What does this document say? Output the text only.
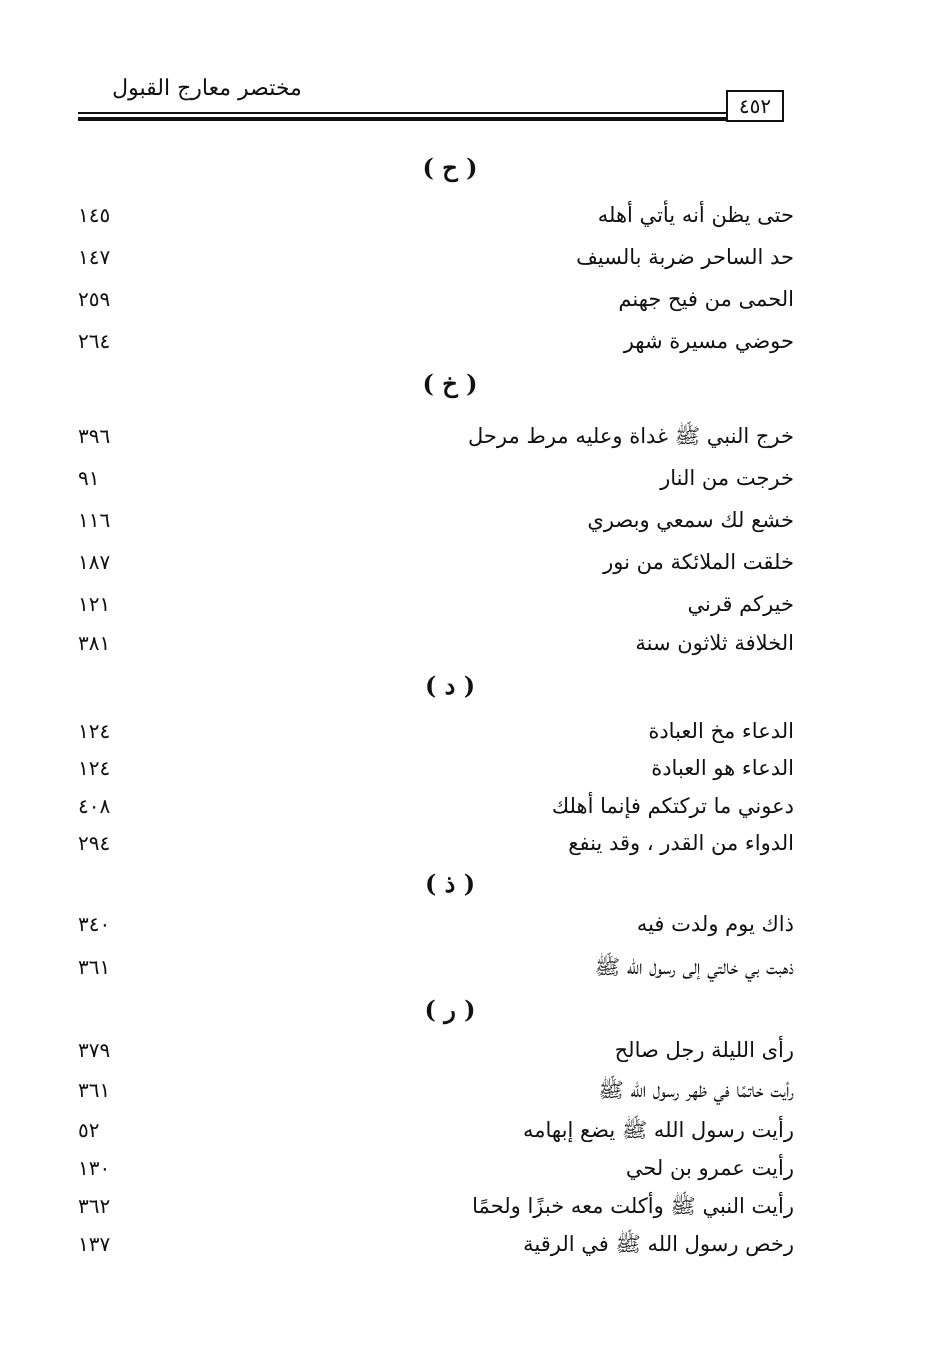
مختصر معارج القبول
٤٥٢
( ح )
حتى يظن أنه يأتي أهله
١٤٥
حد الساحر ضربة بالسيف
١٤٧
الحمى من فيح جهنم
٢٥٩
حوضي مسيرة شهر
٢٦٤
( خ )
خرج النبي ﷺ غداة وعليه مرط مرحل
٣٩٦
خرجت من النار
٩١
خشع لك سمعي وبصري
١١٦
خلقت الملائكة من نور
١٨٧
خيركم قرني
١٢١
الخلافة ثلاثون سنة
٣٨١
( د )
الدعاء مخ العبادة
١٢٤
الدعاء هو العبادة
١٢٤
دعوني ما تركتكم فإنما أهلك
٤٠٨
الدواء من القدر ، وقد ينفع
٢٩٤
( ذ )
ذاك يوم ولدت فيه
٣٤٠
ذهبت بي خالتي إلى رسول الله ﷺ
٣٦١
( ر )
رأى الليلة رجل صالح
٣٧٩
رأيت خاتمًا في ظهر رسول الله ﷺ
٣٦١
رأيت رسول الله ﷺ يضع إبهامه
٥٢
رأيت عمرو بن لحي
١٣٠
رأيت النبي ﷺ وأكلت معه خبزًا ولحمًا
٣٦٢
رخص رسول الله ﷺ في الرقية
١٣٧
